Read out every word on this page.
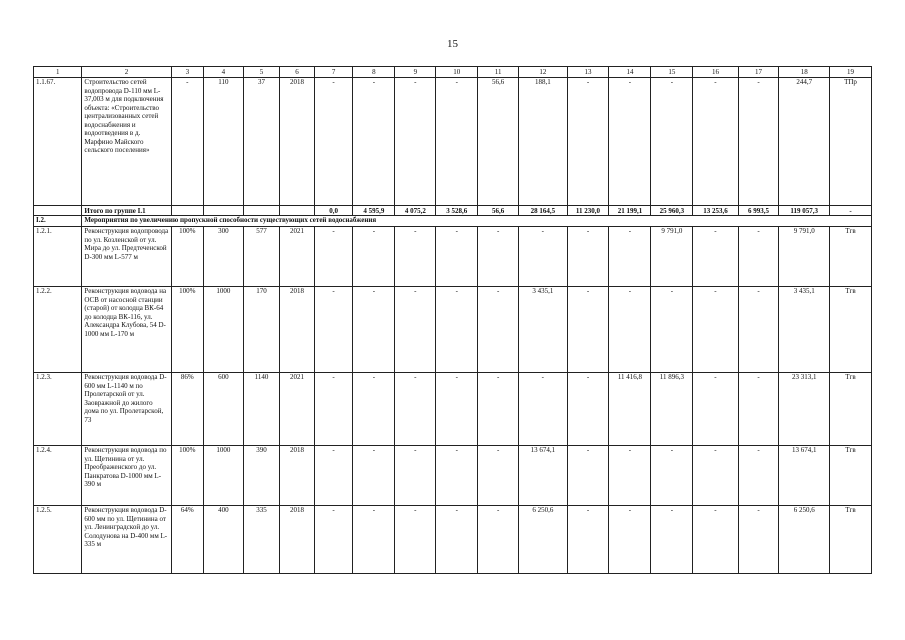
15
1	2	3	4	5	6	7	8	9	10	11	12	13	14	15	16	17	18	19
1.1.67.	Строительство сетей водопровода D-110 мм L-37,003 м для подключения объекта: «Строительство централизованных сетей водоснабжения и водоотведения в д. Марфино Майского сельского поселения»	-	110	37	2018	-	-	-	-	56,6	188,1	-	-	-	-	-	244,7	ТПр
	Итого по группе I.1					0,0	4 595,9	4 075,2	3 528,6	56,6	28 164,5	11 230,0	21 199,1	25 960,3	13 253,6	6 993,5	119 057,3	-
I.2.	Мероприятия по увеличению пропускной способности существующих сетей водоснабжения																	
1.2.1.	Реконструкция водопровода по ул. Козленской от ул. Мира до ул. Предтеченской D-300 мм L-577 м	100%	300	577	2021	-	-	-	-	-	-	-	-	9 791,0	-	-	9 791,0	Тгв
1.2.2.	Реконструкция водовода на ОСВ от насосной станции (старой) от колодца ВК-64 до колодца ВК-116, ул. Александра Клубова, 54 D-1000 мм L-170 м	100%	1000	170	2018	-	-	-	-	-	3 435,1	-	-	-	-	-	3 435,1	Тгв
1.2.3.	Реконструкция водовода D-600 мм L-1140 м по Пролетарской от ул. Заовражной до жилого дома по ул. Пролетарской, 73	86%	600	1140	2021	-	-	-	-	-	-	-	11 416,8	11 896,3	-	-	23 313,1	Тгв
1.2.4.	Реконструкция водовода по ул. Щетинина от ул. Преображенского до ул. Панкратова D-1000 мм L-390 м	100%	1000	390	2018	-	-	-	-	-	13 674,1	-	-	-	-	-	13 674,1	Тгв
1.2.5.	Реконструкция водовода D-600 мм по ул. Щетинина от ул. Ленинградской до ул. Солодунова на D-400 мм L-335 м	64%	400	335	2018	-	-	-	-	-	6 250,6	-	-	-	-	-	6 250,6	Тгв
